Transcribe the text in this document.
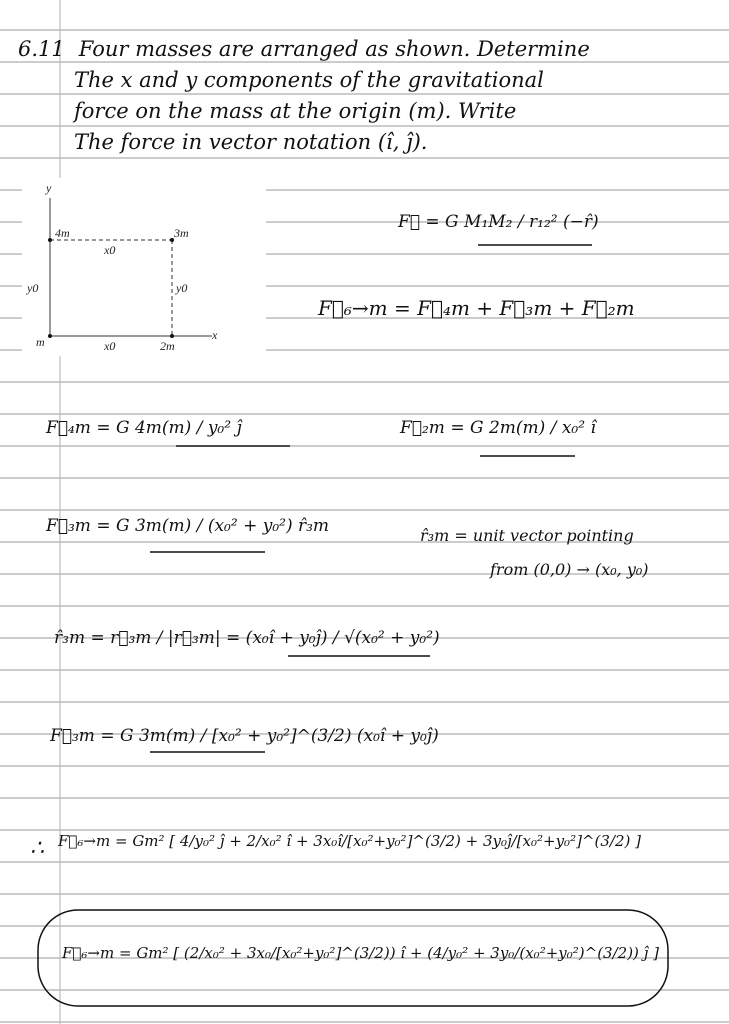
y
x
4m	3m
m	2m
x0
x0
y0	y0
6.11 Four masses are arranged as shown. Determine
The x and y components of the gravitational
force on the mass at the origin (m). Write
The force in vector notation (î, ĵ).
F⃗ = G M₁M₂ / r₁₂² (−r̂)
F⃗₆→m = F⃗₄m + F⃗₃m + F⃗₂m
F⃗₄m = G 4m(m) / y₀² ĵ	F⃗₂m = G 2m(m) / x₀² î
F⃗₃m = G 3m(m) / (x₀² + y₀²) r̂₃m	r̂₃m = unit vector pointing
from (0,0) → (x₀, y₀)
r̂₃m = r⃗₃m / |r⃗₃m| = (x₀î + y₀ĵ) / √(x₀² + y₀²)
F⃗₃m = G 3m(m) / [x₀² + y₀²]^(3/2) (x₀î + y₀ĵ)
∴ F⃗₆→m = Gm² [ 4/y₀² ĵ + 2/x₀² î + 3x₀î/[x₀²+y₀²]^(3/2) + 3y₀ĵ/[x₀²+y₀²]^(3/2) ]
F⃗₆→m = Gm² [ (2/x₀² + 3x₀/[x₀²+y₀²]^(3/2)) î + (4/y₀² + 3y₀/(x₀²+y₀²)^(3/2)) ĵ ]
